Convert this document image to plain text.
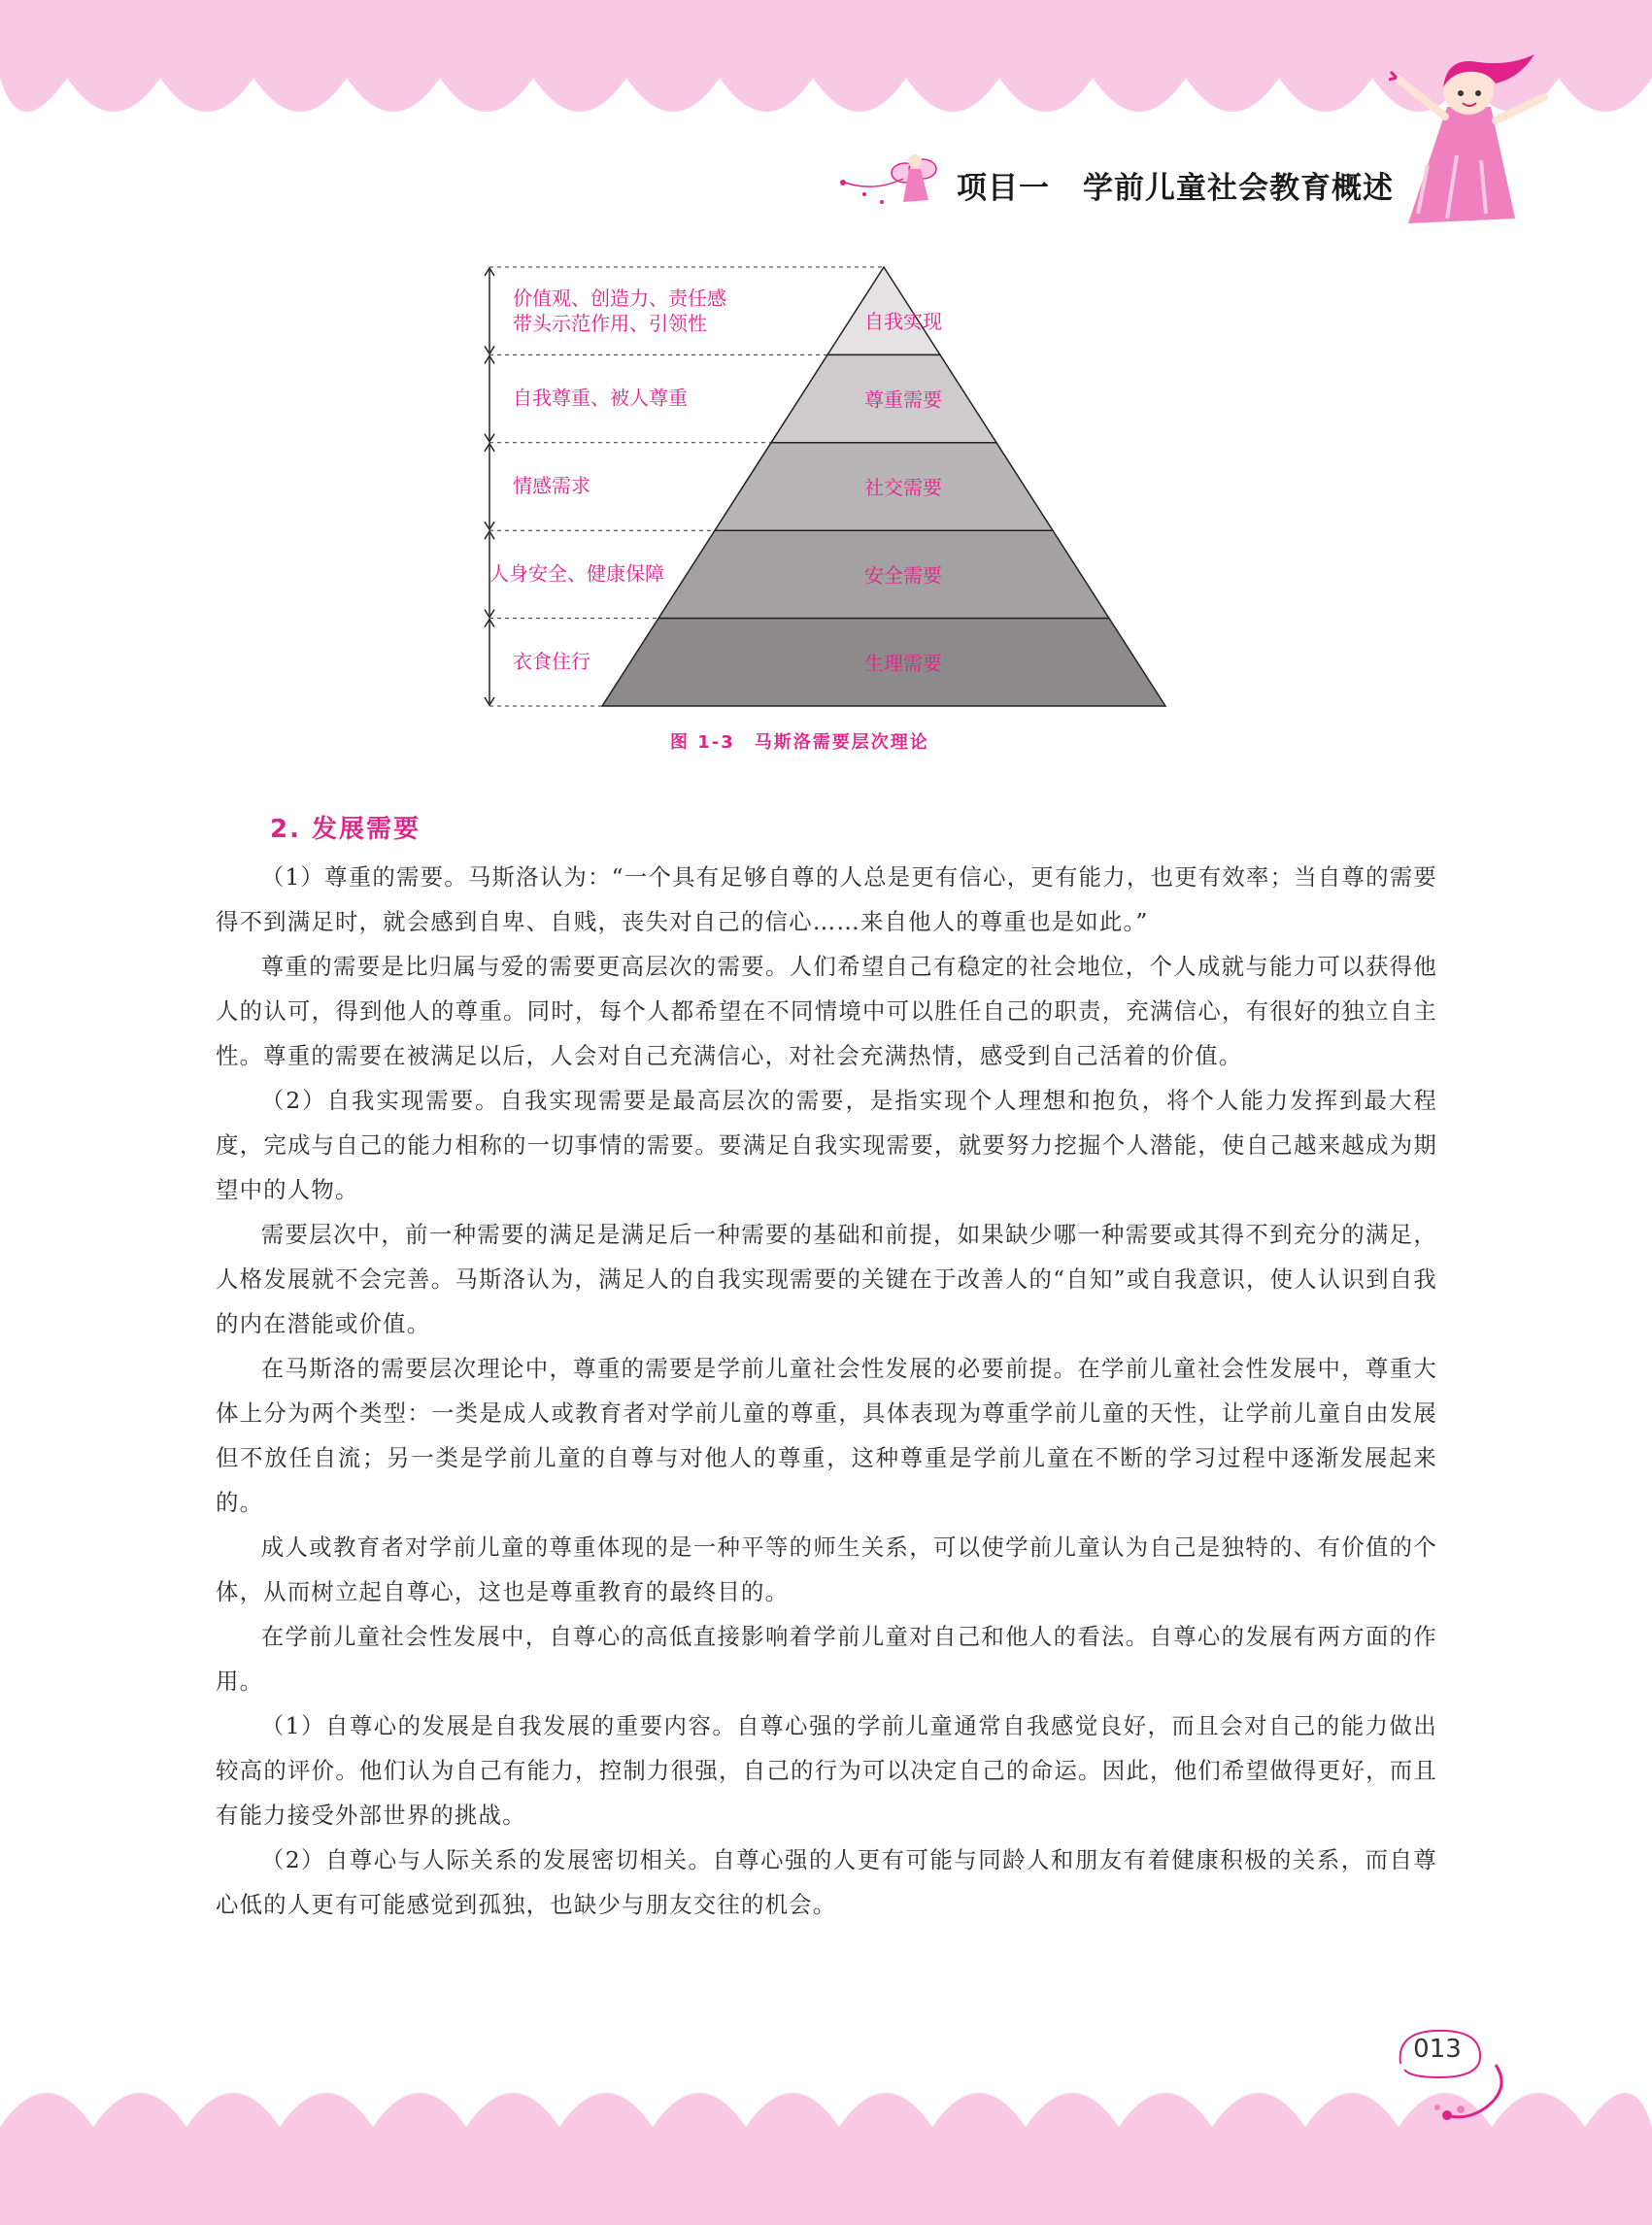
项目一 学前儿童社会教育概述
自我实现
价值观、创造力、责任感
带头示范作用、引领性
尊重需要
自我尊重、被人尊重
社交需要
情感需求
安全需要
人身安全、健康保障
生理需要
衣食住行
图 1-3　马斯洛需要层次理论
2. 发展需要

（1）尊重的需要。马斯洛认为：“一个具有足够自尊的人总是更有信心，更有能力，也更有效率；当自尊的需要得不到满足时，就会感到自卑、自贱，丧失对自己的信心……来自他人的尊重也是如此。”

尊重的需要是比归属与爱的需要更高层次的需要。人们希望自己有稳定的社会地位，个人成就与能力可以获得他人的认可，得到他人的尊重。同时，每个人都希望在不同情境中可以胜任自己的职责，充满信心，有很好的独立自主性。尊重的需要在被满足以后，人会对自己充满信心，对社会充满热情，感受到自己活着的价值。

（2）自我实现需要。自我实现需要是最高层次的需要，是指实现个人理想和抱负，将个人能力发挥到最大程度，完成与自己的能力相称的一切事情的需要。要满足自我实现需要，就要努力挖掘个人潜能，使自己越来越成为期望中的人物。

需要层次中，前一种需要的满足是满足后一种需要的基础和前提，如果缺少哪一种需要或其得不到充分的满足，人格发展就不会完善。马斯洛认为，满足人的自我实现需要的关键在于改善人的“自知”或自我意识，使人认识到自我的内在潜能或价值。

在马斯洛的需要层次理论中，尊重的需要是学前儿童社会性发展的必要前提。在学前儿童社会性发展中，尊重大体上分为两个类型：一类是成人或教育者对学前儿童的尊重，具体表现为尊重学前儿童的天性，让学前儿童自由发展但不放任自流；另一类是学前儿童的自尊与对他人的尊重，这种尊重是学前儿童在不断的学习过程中逐渐发展起来的。

成人或教育者对学前儿童的尊重体现的是一种平等的师生关系，可以使学前儿童认为自己是独特的、有价值的个体，从而树立起自尊心，这也是尊重教育的最终目的。

在学前儿童社会性发展中，自尊心的高低直接影响着学前儿童对自己和他人的看法。自尊心的发展有两方面的作用。

（1）自尊心的发展是自我发展的重要内容。自尊心强的学前儿童通常自我感觉良好，而且会对自己的能力做出较高的评价。他们认为自己有能力，控制力很强，自己的行为可以决定自己的命运。因此，他们希望做得更好，而且有能力接受外部世界的挑战。

（2）自尊心与人际关系的发展密切相关。自尊心强的人更有可能与同龄人和朋友有着健康积极的关系，而自尊心低的人更有可能感觉到孤独，也缺少与朋友交往的机会。

013
